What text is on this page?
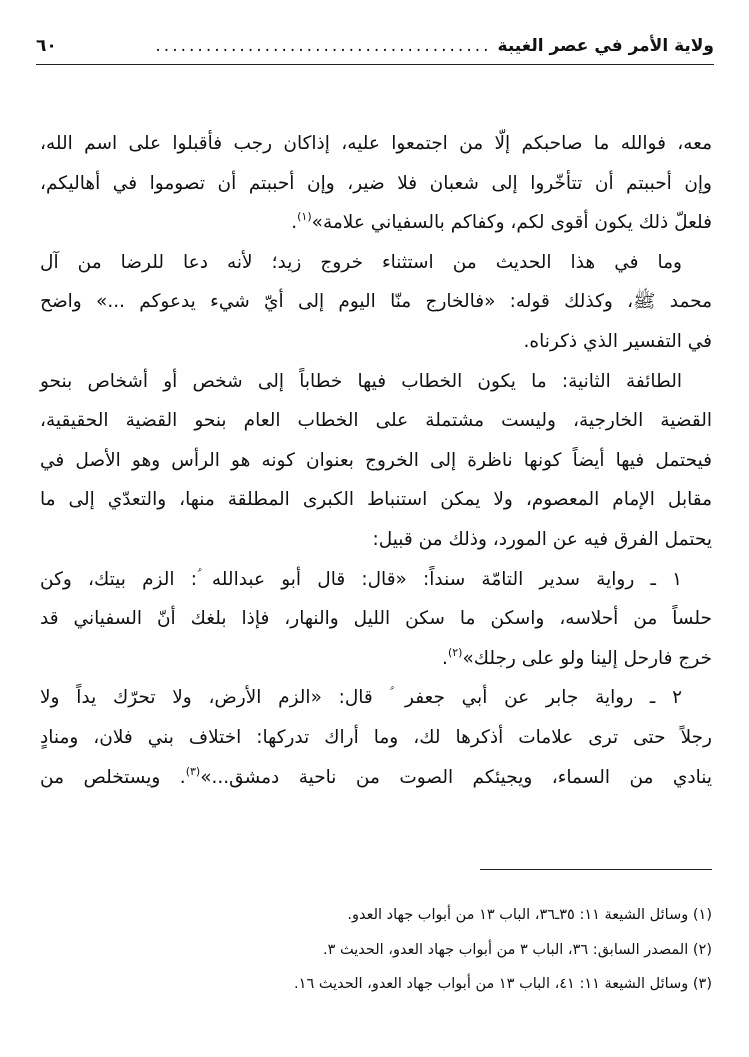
ولاية الأمر في عصر الغيبة
........................................
٦٠
معه، فوالله ما صاحبكم إلّا من اجتمعوا عليه، إذاكان رجب فأقبلوا على اسم الله،
وإن أحببتم أن تتأخّروا إلى شعبان فلا ضير، وإن أحببتم أن تصوموا في أهاليكم،
فلعلّ ذلك يكون أقوى لكم، وكفاكم بالسفياني علامة»$^{(١)}$.
وما في هذا الحديث من استثناء خروج زيد؛ لأنه دعا للرضا من آل
محمد ﷺ، وكذلك قوله: «فالخارج منّا اليوم إلى أيّ شيء يدعوكم ...» واضح
في التفسير الذي ذكرناه.
الطائفة الثانية: ما يكون الخطاب فيها خطاباً إلى شخص أو أشخاص بنحو
القضية الخارجية، وليست مشتملة على الخطاب العام بنحو القضية الحقيقية،
فيحتمل فيها أيضاً كونها ناظرة إلى الخروج بعنوان كونه هو الرأس وهو الأصل في
مقابل الإمام المعصوم، ولا يمكن استنباط الكبرى المطلقة منها، والتعدّي إلى ما
يحتمل الفرق فيه عن المورد، وذلك من قبيل:
١ ـ رواية سدير التامّة سنداً: «قال: قال أبو عبدالله ؑ: الزم بيتك، وكن
حلساً من أحلاسه، واسكن ما سكن الليل والنهار، فإذا بلغك أنّ السفياني قد
خرج فارحل إلينا ولو على رجلك»$^{(٢)}$.
٢ ـ رواية جابر عن أبي جعفر ؑ قال: «الزم الأرض، ولا تحرّك يداً ولا
رجلاً حتى ترى علامات أذكرها لك، وما أراك تدركها: اختلاف بني فلان، ومنادٍ
ينادي من السماء، ويجيئكم الصوت من ناحية دمشق...»$^{(٣)}$. ويستخلص من
(١) وسائل الشيعة ١١: ٣٥ـ٣٦، الباب ١٣ من أبواب جهاد العدو.
(٢) المصدر السابق: ٣٦، الباب ٣ من أبواب جهاد العدو، الحديث ٣.
(٣) وسائل الشيعة ١١: ٤١، الباب ١٣ من أبواب جهاد العدو، الحديث ١٦.
